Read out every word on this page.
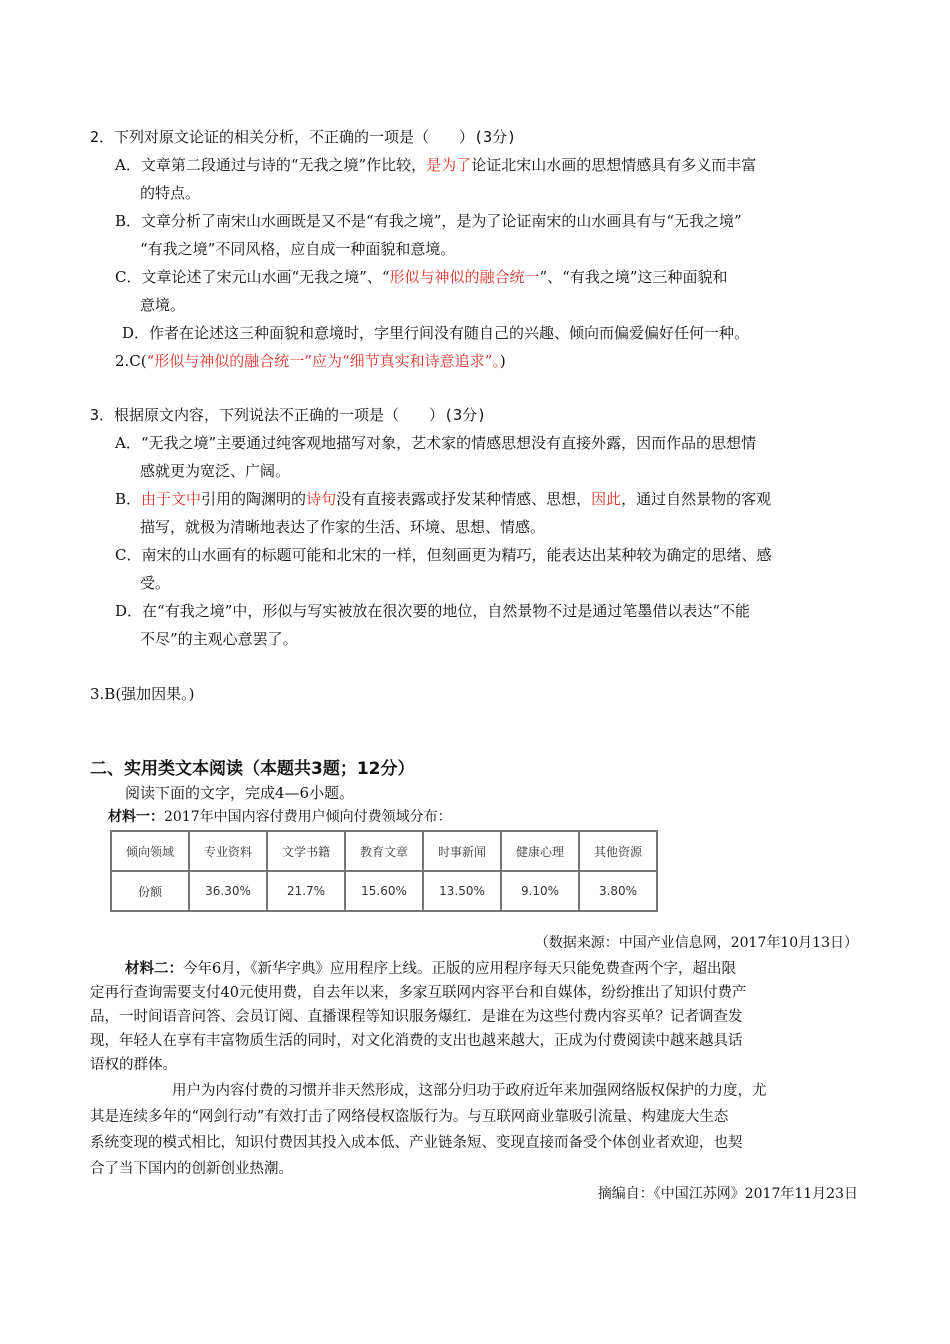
2．下列对原文论证的相关分析，不正确的一项是（　　）(3分)
A．文章第二段通过与诗的“无我之境”作比较，是为了论证北宋山水画的思想情感具有多义而丰富
的特点。
B．文章分析了南宋山水画既是又不是“有我之境”，是为了论证南宋的山水画具有与“无我之境”
“有我之境”不同风格，应自成一种面貌和意境。
C．文章论述了宋元山水画“无我之境”、“形似与神似的融合统一”、“有我之境”这三种面貌和
意境。
D．作者在论述这三种面貌和意境时，字里行间没有随自己的兴趣、倾向而偏爱偏好任何一种。
2.C(“形似与神似的融合统一”应为“细节真实和诗意追求”。)
3．根据原文内容，下列说法不正确的一项是（　　）(3分)
A．“无我之境”主要通过纯客观地描写对象，艺术家的情感思想没有直接外露，因而作品的思想情
感就更为宽泛、广阔。
B．由于文中引用的陶渊明的诗句没有直接表露或抒发某种情感、思想，因此，通过自然景物的客观
描写，就极为清晰地表达了作家的生活、环境、思想、情感。
C．南宋的山水画有的标题可能和北宋的一样，但刻画更为精巧，能表达出某种较为确定的思绪、感
受。
D．在“有我之境”中，形似与写实被放在很次要的地位，自然景物不过是通过笔墨借以表达“不能
不尽”的主观心意罢了。
3.B(强加因果。)
二、实用类文本阅读（本题共3题；12分）
阅读下面的文字，完成4—6小题。
材料一：2017年中国内容付费用户倾向付费领域分布：
倾向领域	专业资料	文学书籍	教育文章	时事新闻	健康心理	其他资源
份额	36.30%	21.7%	15.60%	13.50%	9.10%	3.80%
（数据来源：中国产业信息网，2017年10月13日）
材料二：今年6月，《新华字典》应用程序上线。正版的应用程序每天只能免费查两个字，超出限
定再行查询需要支付40元使用费，自去年以来，多家互联网内容平台和自媒体，纷纷推出了知识付费产
品，一时间语音问答、会员订阅、直播课程等知识服务爆红．是谁在为这些付费内容买单？记者调查发
现，年轻人在享有丰富物质生活的同时，对文化消费的支出也越来越大，正成为付费阅读中越来越具话
语权的群体。
用户为内容付费的习惯并非天然形成，这部分归功于政府近年来加强网络版权保护的力度，尤
其是连续多年的“网剑行动”有效打击了网络侵权盗版行为。与互联网商业靠吸引流量、构建庞大生态
系统变现的模式相比，知识付费因其投入成本低、产业链条短、变现直接而备受个体创业者欢迎，也契
合了当下国内的创新创业热潮。
摘编自：《中国江苏网》2017年11月23日
